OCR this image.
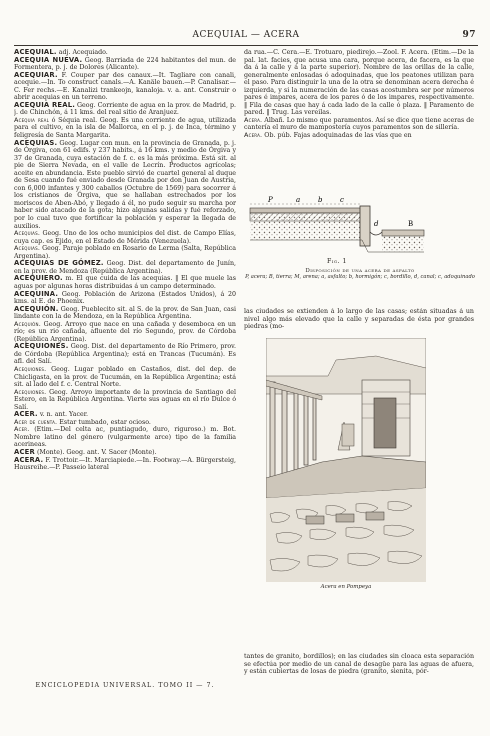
ACEQUIAL — ACERA	97

ACEQUIAL. adj. Acequiado.

ACEQUIA NUEVA. Geog. Barriada de 224 habitantes del mun. de Formentera, p. j. de Dolores (Alicante).

ACEQUIAR. F. Couper par des canaux.—It. Tagliare con canali, acequie.—In. To construct canals.—A. Kanäle bauen.—P. Canalisar.—C. Fer rechs.—E. Kanalizi trankeojn, kanaloja. v. a. ant. Construir o abrir acequias en un terreno.

ACEQUIA REAL. Geog. Corriente de agua en la prov. de Madrid, p. j. de Chinchón, á 11 kms. del real sitio de Aranjuez.

Acequia real ó Séquia real. Geog. Es una corriente de agua, utilizada para el cultivo, en la isla de Mallorca, en el p. j. de Inca, término y feligresía de Santa Margarita.

ACEQUIAS. Geog. Lugar con mun. en la provincia de Granada, p. j. de Órgiva, con 61 edifs. y 237 habits., á 16 kms. y medio de Órgiva y 37 de Granada, cuya estación de f. c. es la más próxima. Está sit. al pie de Sierra Nevada, en el valle de Lecrín. Productos agrícolas; aceite en abundancia. Este pueblo sirvió de cuartel general al duque de Sesa cuando fué enviado desde Granada por don Juan de Austria, con 6,000 infantes y 300 caballos (Octubre de 1569) para socorrer á los cristianos de Órgiva, que se hallaban estrechados por los moriscos de Aben-Abó, y llegado á él, no pudo seguir su marcha por haber sido atacado de la gota; hizo algunas salidas y fué reforzado, por lo cual tuvo que fortificar la población y esperar la llegada de auxilios.

Acequias. Geog. Uno de los ocho municipios del dist. de Campo Elías, cuya cap. es Ejido, en el Estado de Mérida (Venezuela).

Acequias. Geog. Paraje poblado en Rosario de Lerma (Salta, República Argentina).

ACEQUIAS DE GÓMEZ. Geog. Dist. del departamento de Junín, en la prov. de Mendoza (República Argentina).

ACEQUIERO. m. El que cuida de las acequias. ‖ El que muele las aguas por algunas horas distribuidas á un campo determinado.

ACEQUINA. Geog. Población de Arizona (Estados Unidos), á 20 kms. al E. de Phoenix.

ACEQUIÓN. Geog. Pueblecito sit. al S. de la prov. de San Juan, casi lindante con la de Mendoza, en la República Argentina.

Acequión. Geog. Arroyo que nace en una cañada y desemboca en un río; es un rio cañada, afluente del río Segundo, prov. de Córdoba (República Argentina).

ACEQUIONES. Geog. Dist. del departamento de Río Primero, prov. de Córdoba (República Argentina); está en Trancas (Tucumán). Es afl. del Salí.

Acequiones. Geog. Lugar poblado en Castaños, dist. del dep. de Chicligasta, en la prov. de Tucumán, en la República Argentina; está sit. al lado del f. c. Central Norte.

Acequiones. Geog. Arroyo importante de la provincia de Santiago del Estero, en la República Argentina. Vierte sus aguas en el río Dulce ó Salí.

ACER. v. n. ant. Yacer.

Acer de cuenta. Estar tumbado, estar ocioso.

Acer. (Etim.—Del celta ac, puntiagudo, duro, riguroso.) m. Bot. Nombre latino del género (vulgarmente arce) tipo de la familia acerineas.

ACER (Monte). Geog. ant. V. Sacer (Monte).

ACERA. F. Trottoir.—It. Marciapiede.—In. Footway.—A. Bürgersteig, Hausreihe.—P. Passeio lateral

da rua.—C. Cera.—E. Trotuaro, piedirejo.—Zool. F. Acera. (Etim.—De la pal. lat. facies, que acusa una cara, porque acera, de facera, es la que da á la calle y á la parte superior). Nombre de las orillas de la calle, generalmente enlosadas ó adoquinadas, que los peatones utilizan para el paso. Para distinguir la una de la otra se denominan acera derecha é izquierda, y si la numeración de las casas acostumbra ser por números pares é impares, acera de los pares ó de los impares, respectivamente. ‖ Fila de casas que hay á cada lado de la calle ó plaza. ‖ Paramento de pared. ‖ Trug. Las vereilas.

Acera. Albañ. Lo mismo que paramentos. Así se dice que tiene aceras de cantería el muro de mampostería cuyos paramentos son de sillería.

Acera. Ob. púb. Fajas adoquinadas de las vías que en

P	a	b	c
d	B
Fig. 1
Disposición de una acera de asfalto
P, acera; B, tierra; M, arena; a, asfalto; b, hormigón; c, bordillo, d, canal; c, adoquinado

las ciudades se extienden á lo largo de las casas; están situadas á un nivel algo más elevado que la calle y separadas de ésta por grandes piedras (mo-

Acera en Pompeya

tantes de granito, bordillos); en las ciudades sin cloaca esta separación se efectúa por medio de un canal de desagüe para las aguas de afuera, y están cubiertas de losas de piedra (granito, sienita, pór-

ENCICLOPEDIA UNIVERSAL. TOMO II — 7.
